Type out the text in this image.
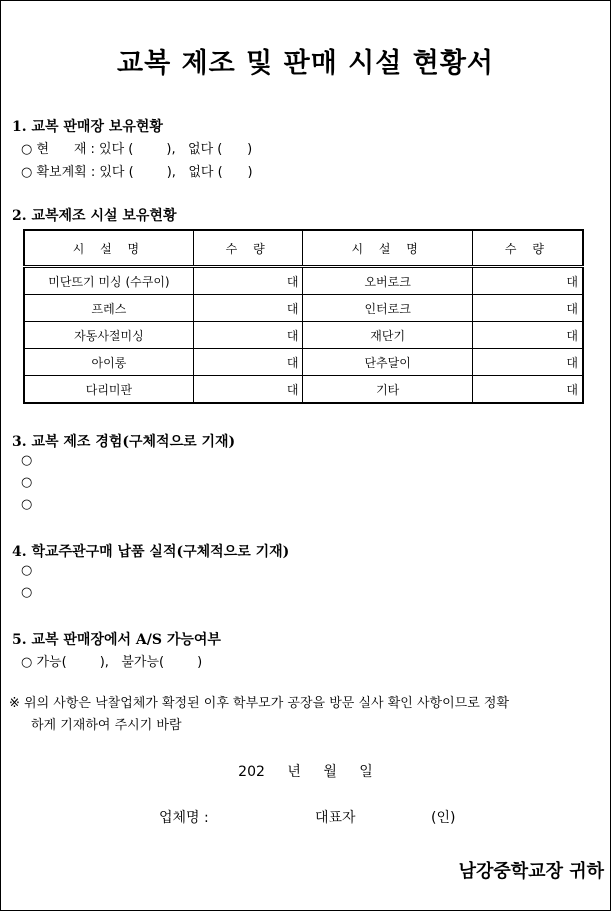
교복 제조 및 판매 시설 현황서
1. 교복 판매장 보유현황
○ 현      재 : 있다 (        ),   없다 (      )
○ 확보계획 : 있다 (        ),   없다 (      )
2. 교복제조 시설 보유현황
시 설 명	수 량	시 설 명	수 량
미단뜨기 미싱 (수쿠이)	대	오버로크	대
프레스	대	인터로크	대
자동사절미싱	대	재단기	대
아이롱	대	단추달이	대
다리미판	대	기타	대
3. 교복 제조 경험(구체적으로 기재)
○
○
○
4. 학교주관구매 납품 실적(구체적으로 기재)
○
○
5. 교복 판매장에서 A/S 가능여부
○ 가능(        ),   불가능(        )
※ 위의 사항은 낙찰업체가 확정된 이후 학부모가 공장을 방문 실사 확인 사항이므로 정확
하게 기재하여 주시기 바람
202 년 월 일
업체명 :	대표자	(인)
남강중학교장 귀하
